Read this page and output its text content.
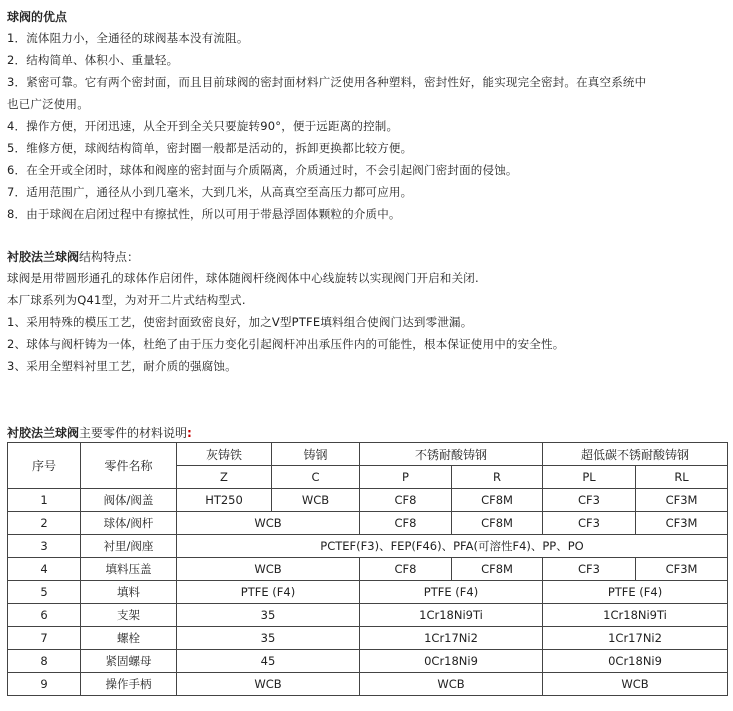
球阀的优点
1．流体阻力小，全通径的球阀基本没有流阻。
2．结构简单、体积小、重量轻。
3．紧密可靠。它有两个密封面，而且目前球阀的密封面材料广泛使用各种塑料，密封性好，能实现完全密封。在真空系统中
也已广泛使用。
4．操作方便，开闭迅速，从全开到全关只要旋转90°，便于远距离的控制。
5．维修方便，球阀结构简单，密封圈一般都是活动的，拆卸更换都比较方便。
6．在全开或全闭时，球体和阀座的密封面与介质隔离，介质通过时，不会引起阀门密封面的侵蚀。
7．适用范围广，通径从小到几毫米，大到几米，从高真空至高压力都可应用。
8．由于球阀在启闭过程中有擦拭性，所以可用于带悬浮固体颗粒的介质中。
衬胶法兰球阀结构特点：
球阀是用带圆形通孔的球体作启闭件，球体随阀杆绕阀体中心线旋转以实现阀门开启和关闭.
本厂球系列为Q41型，为对开二片式结构型式.
1、采用特殊的模压工艺，使密封面致密良好，加之V型PTFE填料组合使阀门达到零泄漏。
2、球体与阀杆铸为一体，杜绝了由于压力变化引起阀杆冲出承压件内的可能性，根本保证使用中的安全性。
3、采用全塑料衬里工艺，耐介质的强腐蚀。
衬胶法兰球阀主要零件的材料说明:
序号	零件名称	灰铸铁	铸钢	不锈耐酸铸钢		超低碳不锈耐酸铸钢	
		Z	C	P	R	PL	RL
1	阀体/阀盖	HT250	WCB	CF8	CF8M	CF3	CF3M
2	球体/阀杆	WCB		CF8	CF8M	CF3	CF3M
3	衬里/阀座	PCTEF(F3)、FEP(F46)、PFA(可溶性F4)、PP、PO					
4	填料压盖	WCB		CF8	CF8M	CF3	CF3M
5	填料	PTFE (F4)		PTFE (F4)		PTFE (F4)	
6	支架	35		1Cr18Ni9Ti		1Cr18Ni9Ti	
7	螺栓	35		1Cr17Ni2		1Cr17Ni2	
8	紧固螺母	45		0Cr18Ni9		0Cr18Ni9	
9	操作手柄	WCB		WCB		WCB	
